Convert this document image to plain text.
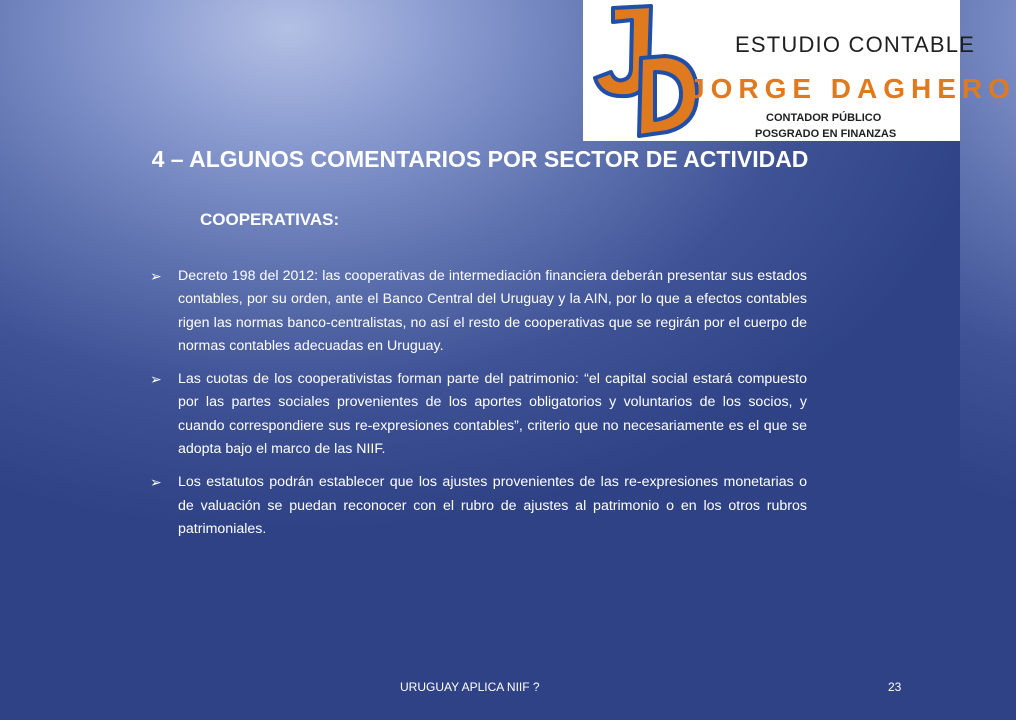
ESTUDIO CONTABLE
JORGE DAGHERO
CONTADOR PÚBLICO
POSGRADO EN FINANZAS
4 – ALGUNOS COMENTARIOS POR SECTOR DE ACTIVIDAD
COOPERATIVAS:
➢ Decreto 198 del 2012: las cooperativas de intermediación financiera deberán presentar sus estados contables, por su orden, ante el Banco Central del Uruguay y la AIN, por lo que a efectos contables rigen las normas banco-centralistas, no así el resto de cooperativas que se regirán por el cuerpo de normas contables adecuadas en Uruguay.
➢ Las cuotas de los cooperativistas forman parte del patrimonio: “el capital social estará compuesto por las partes sociales provenientes de los aportes obligatorios y voluntarios de los socios, y cuando correspondiere sus re-expresiones contables”, criterio que no necesariamente es el que se adopta bajo el marco de las NIIF.
➢ Los estatutos podrán establecer que los ajustes provenientes de las re-expresiones monetarias o de valuación se puedan reconocer con el rubro de ajustes al patrimonio o en los otros rubros patrimoniales.
URUGUAY APLICA NIIF ?	23
